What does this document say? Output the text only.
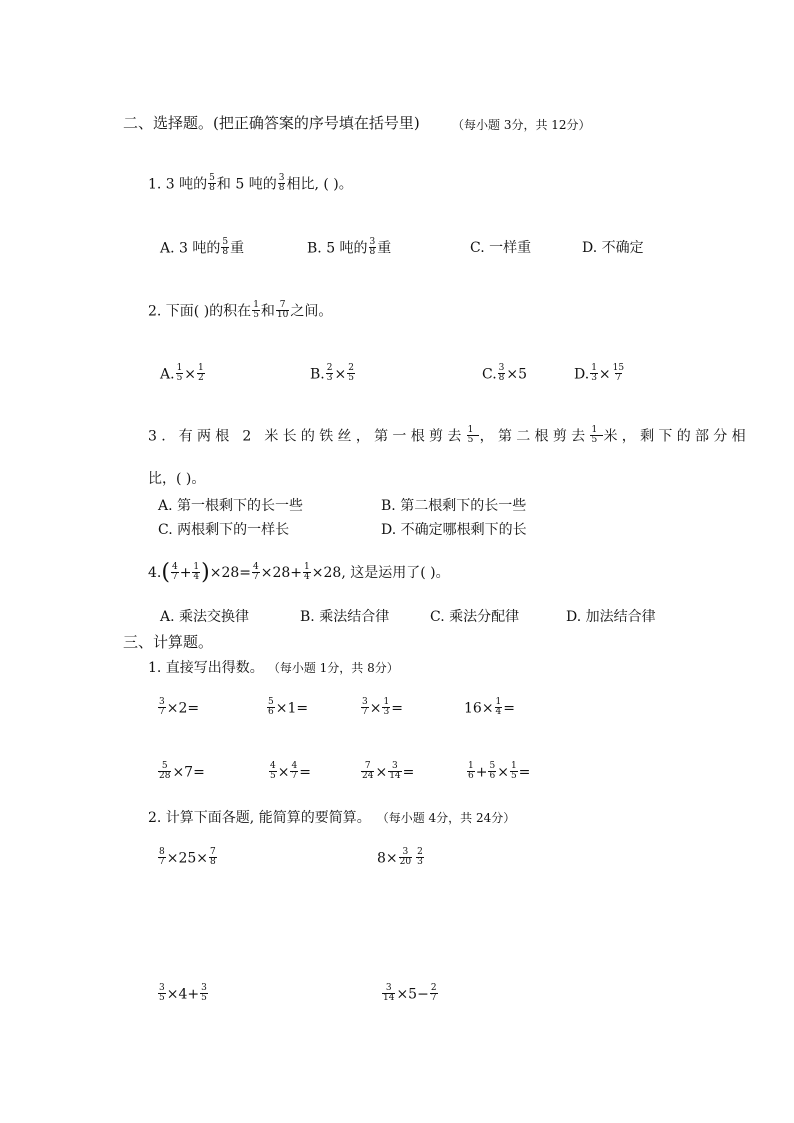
二、选择题。(把正确答案的序号填在括号里)	（每小题 3分，共 12分）
1. 3 吨的 $\frac{5}{8}$ 和 5 吨的 $\frac{3}{8}$ 相比, ( )。
A. 3 吨的 $\frac{5}{8}$ 重	B. 5 吨的 $\frac{3}{8}$ 重	C. 一样重	D. 不确定
2. 下面( )的积在 $\frac{1}{5}$ 和 $\frac{7}{10}$ 之间。
A. $\frac{1}{5} \times \frac{1}{2}$	B. $\frac{2}{3} \times \frac{2}{5}$	C. $\frac{3}{8} \times 5$	D. $\frac{1}{3} \times \frac{15}{7}$
3. 有两根 2 米长的铁丝，第一根剪去 $\frac{1}{5}$ ，第二根剪去 $\frac{1}{5}$ 米，剩下的部分相
比，( )。
A. 第一根剩下的长一些	B. 第二根剩下的长一些
C. 两根剩下的一样长	D. 不确定哪根剩下的长
$4.( \frac{4}{7} + \frac{1}{4} )\times 28= \frac{4}{7} \times 28+ \frac{1}{4} \times 28$, 这是运用了( )。
A. 乘法交换律	B. 乘法结合律	C. 乘法分配律	D. 加法结合律
三、计算题。
1. 直接写出得数。 （每小题 1分，共 8分）
$\frac{3}{7} \times 2=$	$\frac{5}{6} \times 1=$	$\frac{3}{7} \times \frac{1}{3}$ =	$16\times \frac{1}{4}$ =
$\frac{5}{28} \times 7=$	$\frac{4}{5} \times \frac{4}{7}$ =	$\frac{7}{24} \times \frac{3}{14}$ =	$\frac{1}{6} + \frac{5}{6} \times \frac{1}{5}$ =
2. 计算下面各题, 能简算的要简算。 （每小题 4分，共 24分）
$\frac{8}{7} \times 25\times \frac{7}{8}$	$8\times \frac{3}{20} \frac{2}{3}$
$\frac{3}{5} \times 4+ \frac{3}{5}$	$\frac{3}{14} \times 5- \frac{2}{7}$
